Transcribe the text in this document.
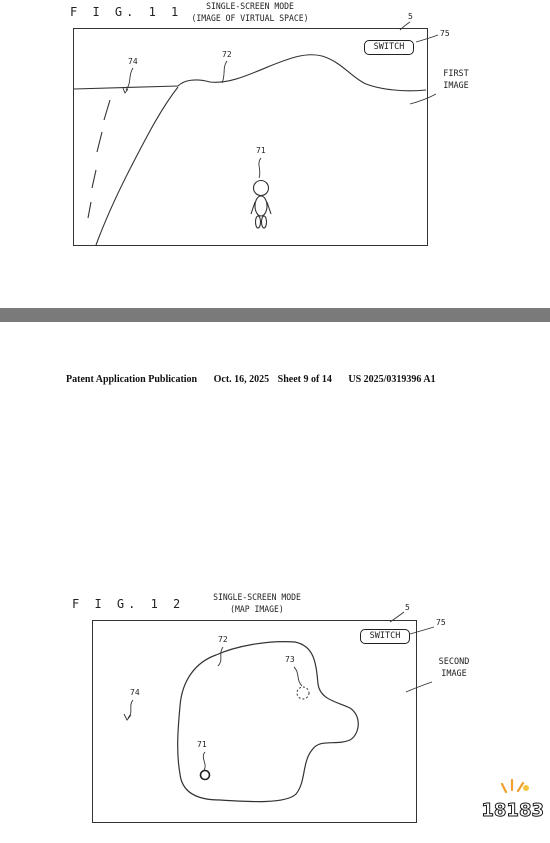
F I G. 1 1	SINGLE-SCREEN MODE
(IMAGE OF VIRTUAL SPACE)	5
75
SWITCH
FIRST
IMAGE
74
72
71
Patent Application Publication Oct. 16, 2025 Sheet 9 of 14 US 2025/0319396 A1
F I G. 1 2	SINGLE-SCREEN MODE
(MAP IMAGE)	5
75
SWITCH
SECOND
IMAGE
72
73
74
71
18183
